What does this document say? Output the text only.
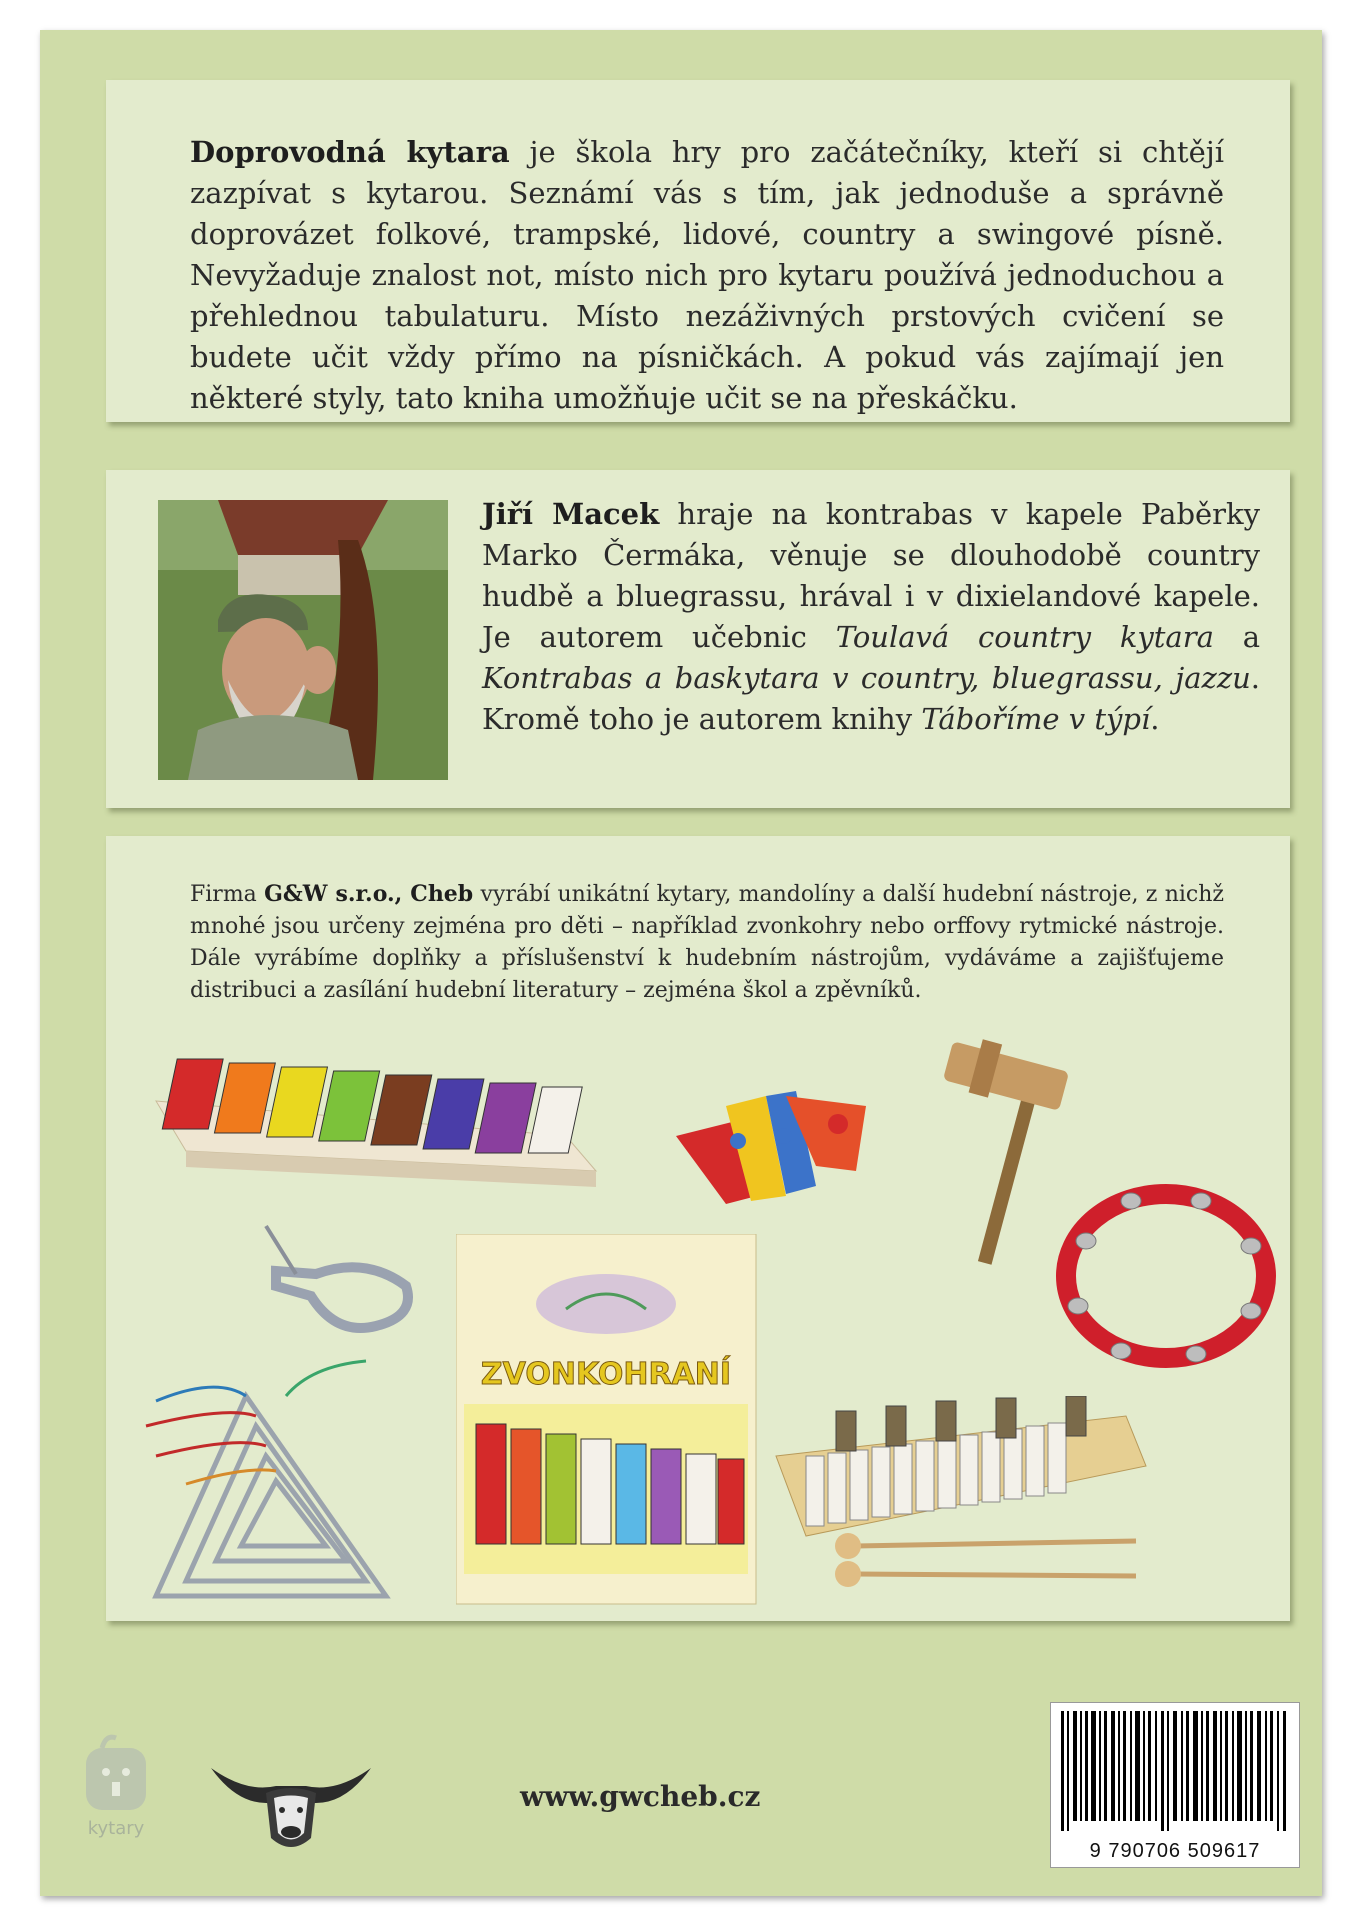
Doprovodná kytara je škola hry pro začátečníky, kteří si chtějí zazpívat s kytarou. Seznámí vás s tím, jak jednoduše a správně doprovázet folkové, trampské, lidové, country a swingové písně. Nevyžaduje znalost not, místo nich pro kytaru používá jednoduchou a přehlednou tabulaturu. Místo nezáživných prstových cvičení se budete učit vždy přímo na písničkách. A pokud vás zajímají jen některé styly, tato kniha umožňuje učit se na přeskáčku.
Jiří Macek hraje na kontrabas v kapele Paběrky Marko Čermáka, věnuje se dlouhodobě country hudbě a bluegrassu, hrával i v dixielandové kapele. Je autorem učebnic Toulavá country kytara a Kontrabas a baskytara v country, bluegrassu, jazzu. Kromě toho je autorem knihy Táboříme v týpí.
Firma G&W s.r.o., Cheb vyrábí unikátní kytary, mandolíny a další hudební nástroje, z nichž mnohé jsou určeny zejména pro děti – například zvonkohry nebo orffovy rytmické nástroje. Dále vyrábíme doplňky a příslušenství k hudebním nástrojům, vydáváme a zajišťujeme distribuci a zasílání hudební literatury – zejména škol a zpěvníků.
ZVONKOHRANÍ
kytary
www.gwcheb.cz
9 790706 509617
